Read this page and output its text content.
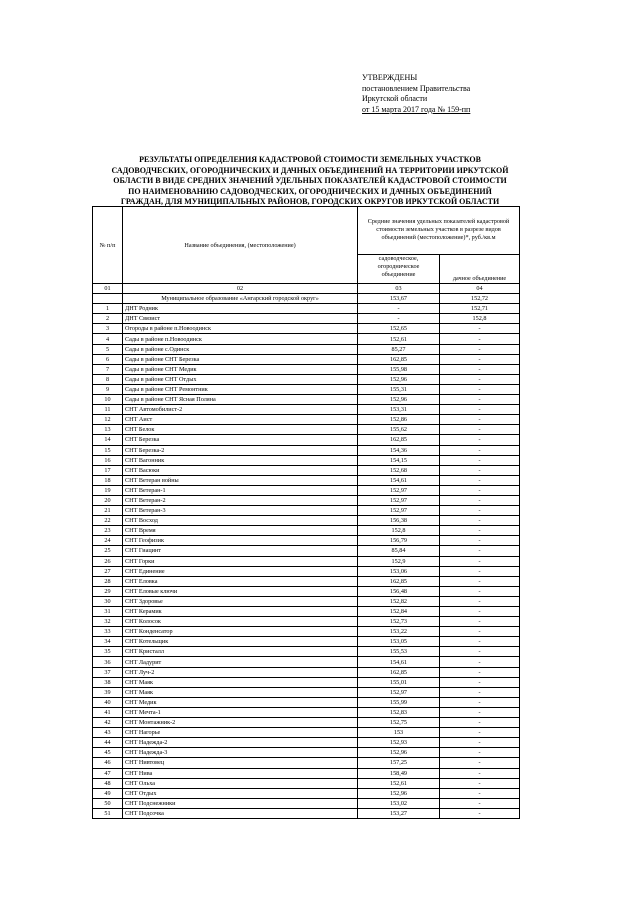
УТВЕРЖДЕНЫ
постановлением Правительства
Иркутской области
от 15 марта 2017 года № 159-пп
РЕЗУЛЬТАТЫ ОПРЕДЕЛЕНИЯ КАДАСТРОВОЙ СТОИМОСТИ ЗЕМЕЛЬНЫХ УЧАСТКОВ
САДОВОДЧЕСКИХ, ОГОРОДНИЧЕСКИХ И ДАЧНЫХ ОБЪЕДИНЕНИЙ НА ТЕРРИТОРИИ ИРКУТСКОЙ
ОБЛАСТИ В ВИДЕ СРЕДНИХ ЗНАЧЕНИЙ УДЕЛЬНЫХ ПОКАЗАТЕЛЕЙ КАДАСТРОВОЙ СТОИМОСТИ
ПО НАИМЕНОВАНИЮ САДОВОДЧЕСКИХ, ОГОРОДНИЧЕСКИХ И ДАЧНЫХ ОБЪЕДИНЕНИЙ
ГРАЖДАН, ДЛЯ МУНИЦИПАЛЬНЫХ РАЙОНОВ, ГОРОДСКИХ ОКРУГОВ ИРКУТСКОЙ ОБЛАСТИ
№ п/п	Название объединения, (местоположение)	Средние значения удельных показателей кадастровой стоимости земельных участков в разрезе видов объединений (местоположение)*, руб./кв.м	
		садоводческое, огородническое объединение	дачное объединение
01	02	03	04
	Муниципальное образование «Ангарский городской округ»	153,67	152,72
1	ДНТ Родник	-	152,71
2	ДНТ Связист	-	152,8
3	Огороды в районе п.Новоодинск	152,65	-
4	Сады в районе п.Новоодинск	152,61	-
5	Сады в районе с.Одинск	85,27	-
6	Сады в районе СНТ Березка	162,85	-
7	Сады в районе СНТ Медик	155,98	-
8	Сады в районе СНТ Отдых	152,96	-
9	Сады в районе СНТ Ремонтник	155,31	-
10	Сады в районе СНТ Ясная Поляна	152,96	-
11	СНТ Автомобилист-2	153,31	-
12	СНТ Аист	152,86	-
13	СНТ Белок	155,62	-
14	СНТ Березка	162,85	-
15	СНТ Березка-2	154,36	-
16	СНТ Вагонник	154,15	-
17	СНТ Васюки	152,68	-
18	СНТ Ветеран войны	154,61	-
19	СНТ Ветеран-1	152,97	-
20	СНТ Ветеран-2	152,97	-
21	СНТ Ветеран-3	152,97	-
22	СНТ Восход	156,38	-
23	СНТ Время	152,8	-
24	СНТ Геофизик	156,79	-
25	СНТ Гиацинт	85,84	-
26	СНТ Горки	152,9	-
27	СНТ Единение	153,06	-
28	СНТ Еловка	162,85	-
29	СНТ Еловые ключи	156,48	-
30	СНТ Здоровье	152,82	-
31	СНТ Керамик	152,84	-
32	СНТ Колосок	152,73	-
33	СНТ Конденсатор	153,22	-
34	СНТ Котельщик	153,05	-
35	СНТ Кристалл	155,53	-
36	СНТ Ладурит	154,61	-
37	СНТ Луч-2	162,85	-
38	СНТ Маяк	155,01	-
39	СНТ Маяк	152,97	-
40	СНТ Медик	155,99	-
41	СНТ Мечта-1	152,83	-
42	СНТ Монтажник-2	152,75	-
43	СНТ Нагорье	153	-
44	СНТ Надежда-2	152,93	-
45	СНТ Надежда-3	152,96	-
46	СНТ Нивтовец	157,25	-
47	СНТ Нива	158,49	-
48	СНТ Ольха	152,61	-
49	СНТ Отдых	152,96	-
50	СНТ Подснежники	153,02	-
51	СНТ Подсочка	153,27	-
